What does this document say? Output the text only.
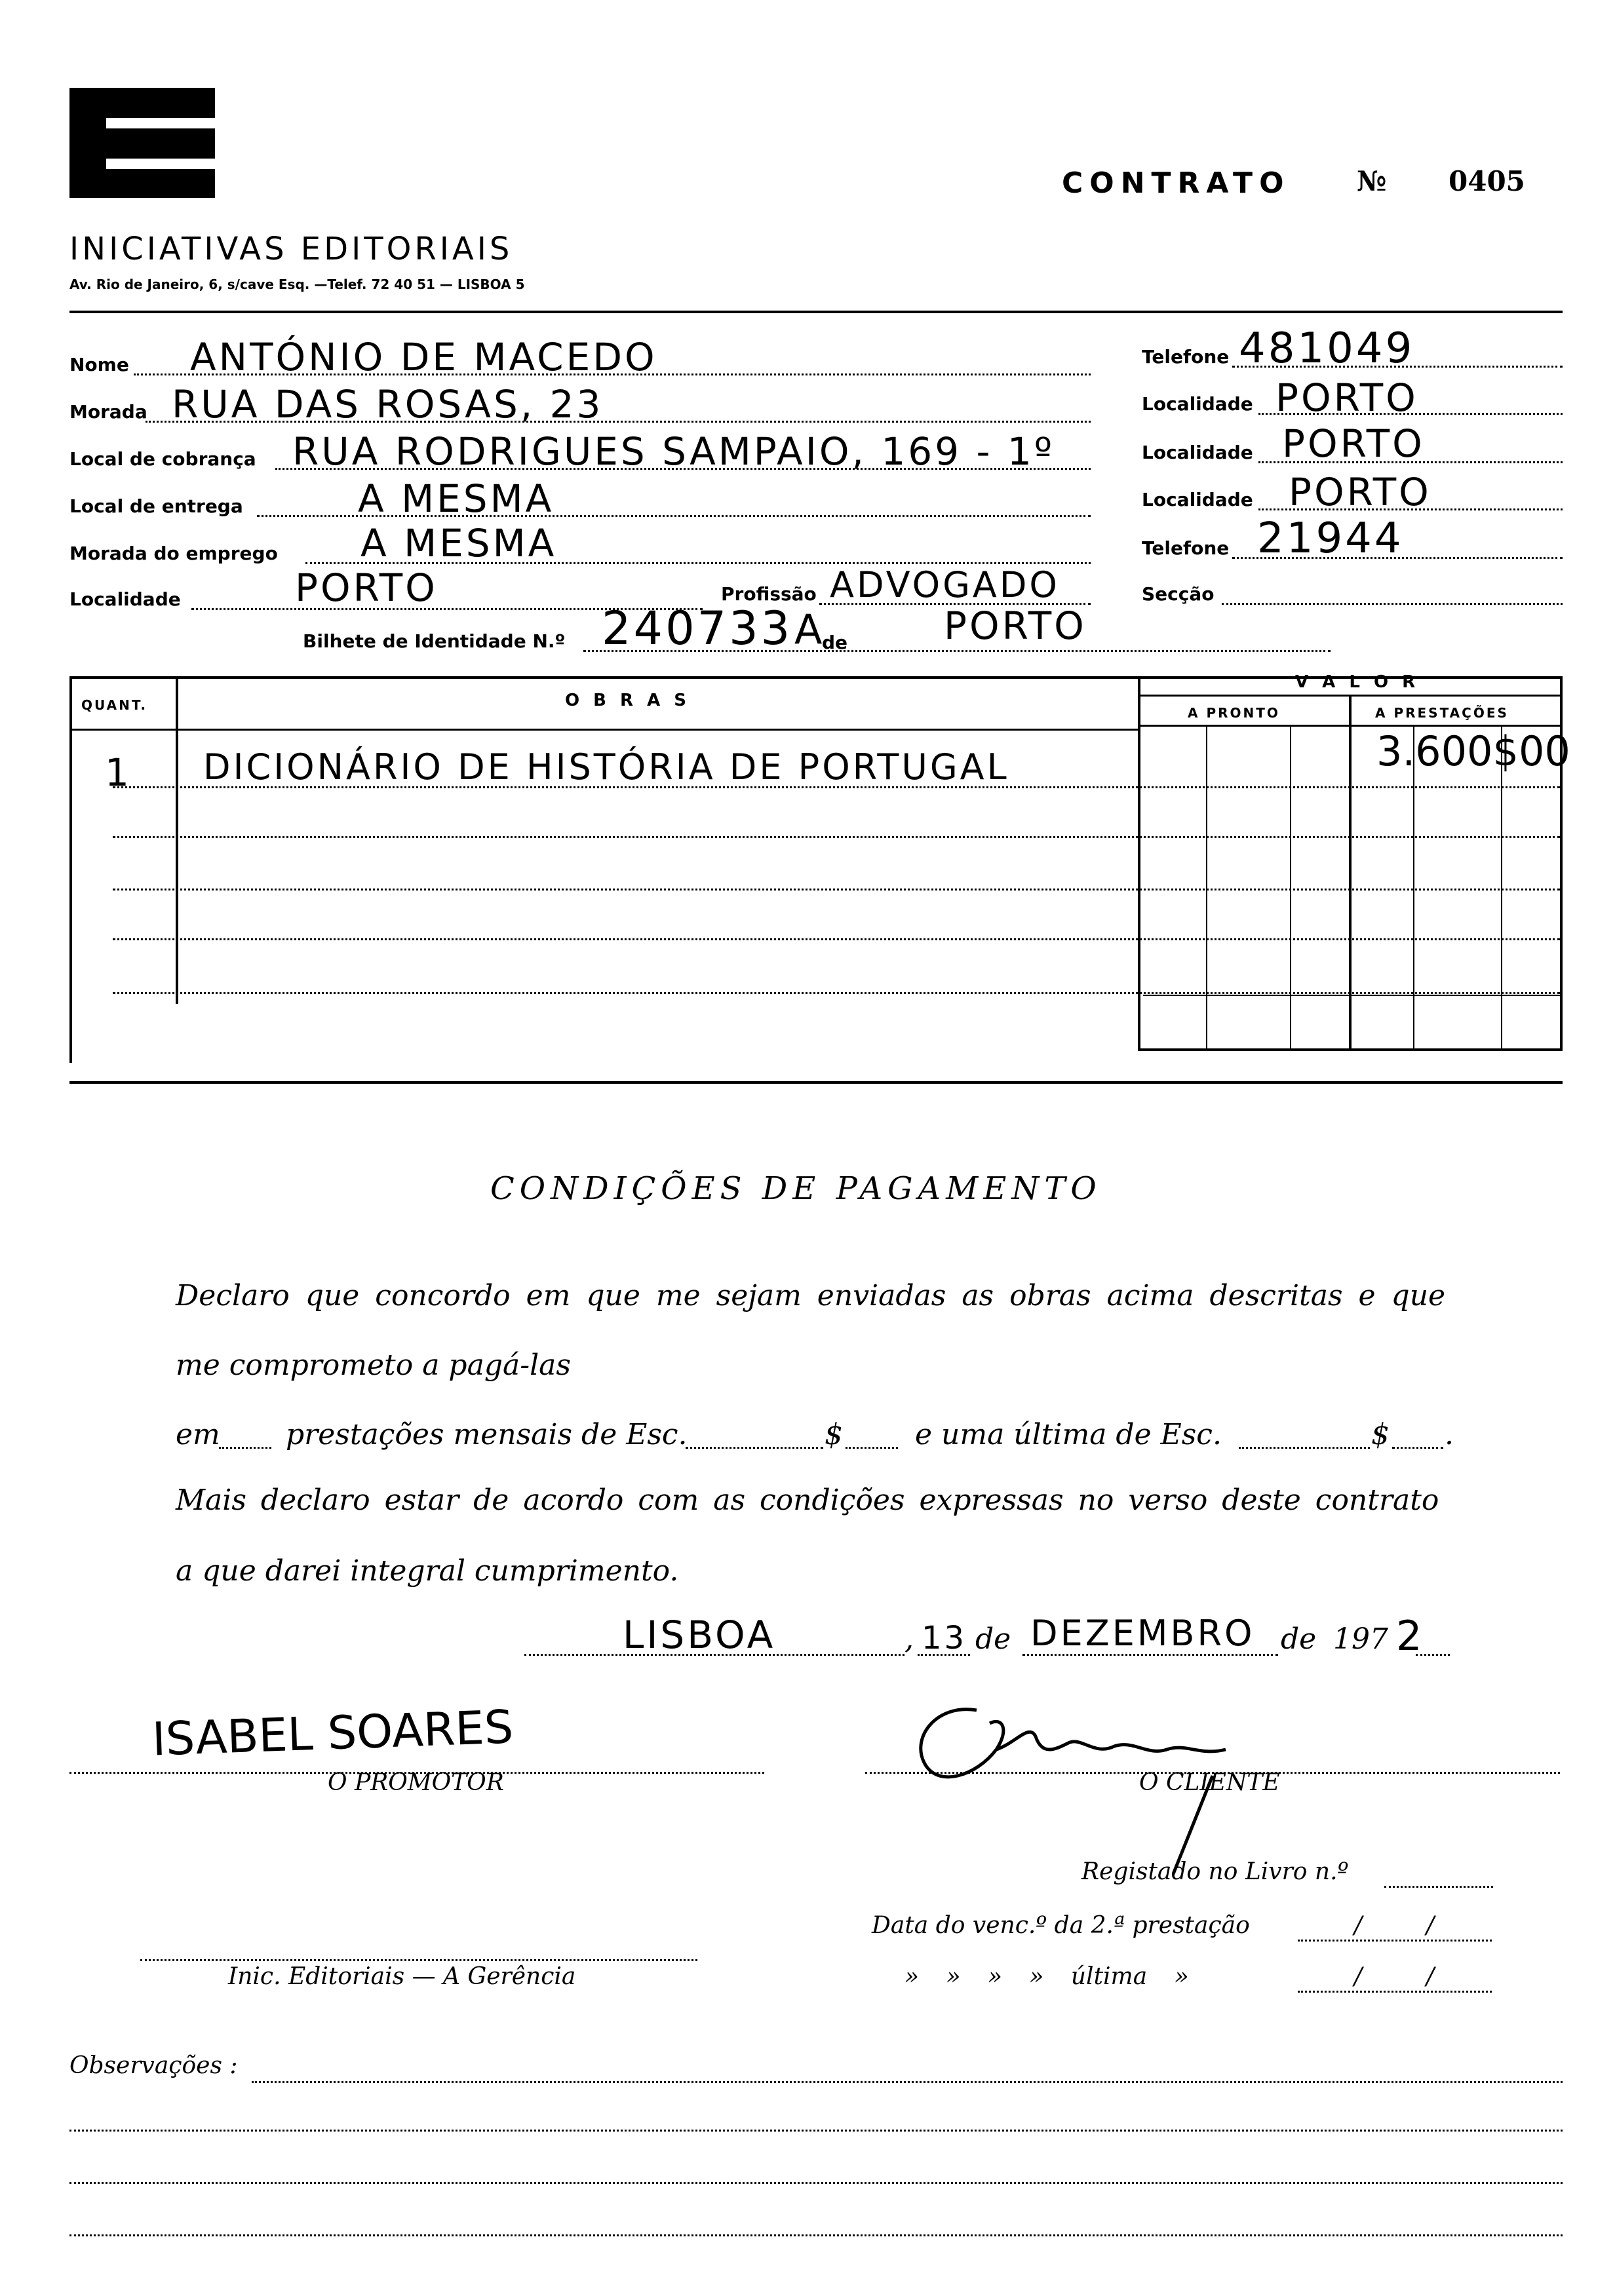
INICIATIVAS EDITORIAIS
Av. Rio de Janeiro, 6, s/cave Esq. —Telef. 72 40 51 — LISBOA 5
CONTRATO № 0405
Nome ANTÓNIO DE MACEDO
Morada RUA DAS ROSAS, 23
Local de cobrança RUA RODRIGUES SAMPAIO, 169 - 1º
Local de entrega	A MESMA
Morada do emprego A MESMA
Localidade	PORTO	Profissão ADVOGADO
Bilhete de Identidade N.º 240733 A
de	PORTO
Telefone 481049
Localidade PORTO
Localidade PORTO
Localidade PORTO
Telefone 21944
Secção
QUANT.	O B R A S
V A L O R
A PRONTO	A PRESTAÇÕES
1 DICIONÁRIO DE HISTÓRIA DE PORTUGAL	3.600$00
CONDIÇÕES DE PAGAMENTO
Declaro que concordo em que me sejam enviadas as obras acima descritas e que
me comprometo a pagá-las
em prestações mensais de Esc.	$	e uma última de Esc.	$ .
Mais declaro estar de acordo com as condições expressas no verso deste contrato
a que darei integral cumprimento.
LISBOA	, 13 de DEZEMBRO de 197 2
ISABEL SOARES
O PROMOTOR	O CLIENTE
Registado no Livro n.º
Data do venc.º da 2.ª prestação	/	/
» » » » última »	/	/
Inic. Editoriais — A Gerência
Observações :
